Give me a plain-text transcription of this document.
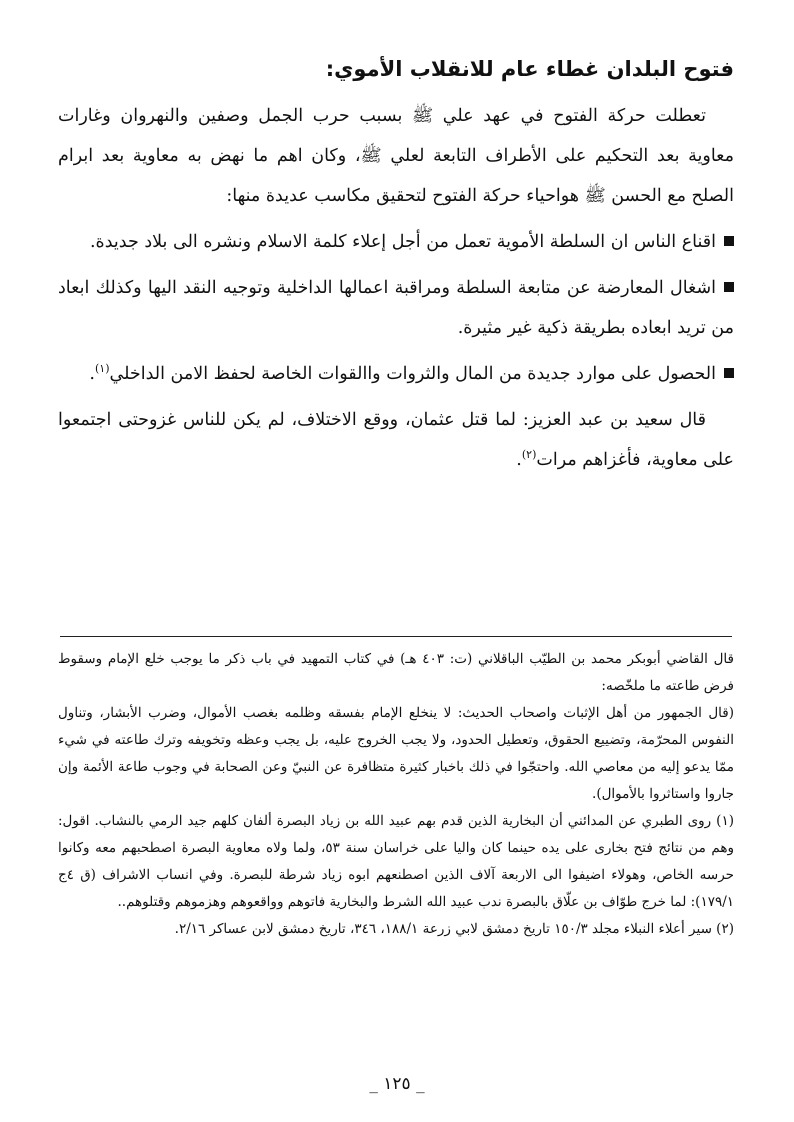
فتوح البلدان غطاء عام للانقلاب الأموي:

تعطلت حركة الفتوح في عهد علي ﷺ بسبب حرب الجمل وصفين والنهروان وغارات معاوية بعد التحكيم على الأطراف التابعة لعلي ﷺ، وكان اهم ما نهض به معاوية بعد ابرام الصلح مع الحسن ﷺ هواحياء حركة الفتوح لتحقيق مكاسب عديدة منها:

اقناع الناس ان السلطة الأموية تعمل من أجل إعلاء كلمة الاسلام ونشره الى بلاد جديدة.

اشغال المعارضة عن متابعة السلطة ومراقبة اعمالها الداخلية وتوجيه النقد اليها وكذلك ابعاد من تريد ابعاده بطريقة ذكية غير مثيرة.

الحصول على موارد جديدة من المال والثروات واالقوات الخاصة لحفظ الامن الداخلي$^{(١)}$.

قال سعيد بن عبد العزيز: لما قتل عثمان، ووقع الاختلاف، لم يكن للناس غزوحتى اجتمعوا على معاوية، فأغزاهم مرات$^{(٢)}$.

قال القاضي أبوبكر محمد بن الطيّب الباقلاني (ت: ٤٠٣ هـ) في كتاب التمهيد في باب ذكر ما يوجب خلع الإمام وسقوط فرض طاعته ما ملخّصه:

(قال الجمهور من أهل الإثبات واصحاب الحديث: لا ينخلع الإمام بفسقه وظلمه بغصب الأموال، وضرب الأبشار، وتناول النفوس المحرّمة، وتضييع الحقوق، وتعطيل الحدود، ولا يجب الخروج عليه، بل يجب وعظه وتخويفه وترك طاعته في شيء ممّا يدعو إليه من معاصي الله. واحتجّوا في ذلك باخبار كثيرة متظافرة عن النبيّ وعن الصحابة في وجوب طاعة الأئمة وإن جاروا واستاثروا بالأموال).

(١) روى الطبري عن المدائني أن البخارية الذين قدم بهم عبيد الله بن زياد البصرة ألفان كلهم جيد الرمي بالنشاب. اقول: وهم من نتائج فتح بخارى على يده حينما كان واليا على خراسان سنة ٥٣، ولما ولاه معاوية البصرة اصطحبهم معه وكانوا حرسه الخاص، وهولاء اضيفوا الى الاربعة آلاف الذين اصطنعهم ابوه زياد شرطة للبصرة. وفي انساب الاشراف (ق ٤ج ١٧٩/١): لما خرج طوّاف بن علّاق بالبصرة ندب عبيد الله الشرط والبخارية فاتوهم وواقعوهم وهزموهم وقتلوهم..

(٢) سير أعلاء النبلاء مجلد ١٥٠/٣ تاريخ دمشق لابي زرعة ١٨٨/١، ٣٤٦، تاريخ دمشق لابن عساكر ٢/١٦.

_ ١٢٥ _
